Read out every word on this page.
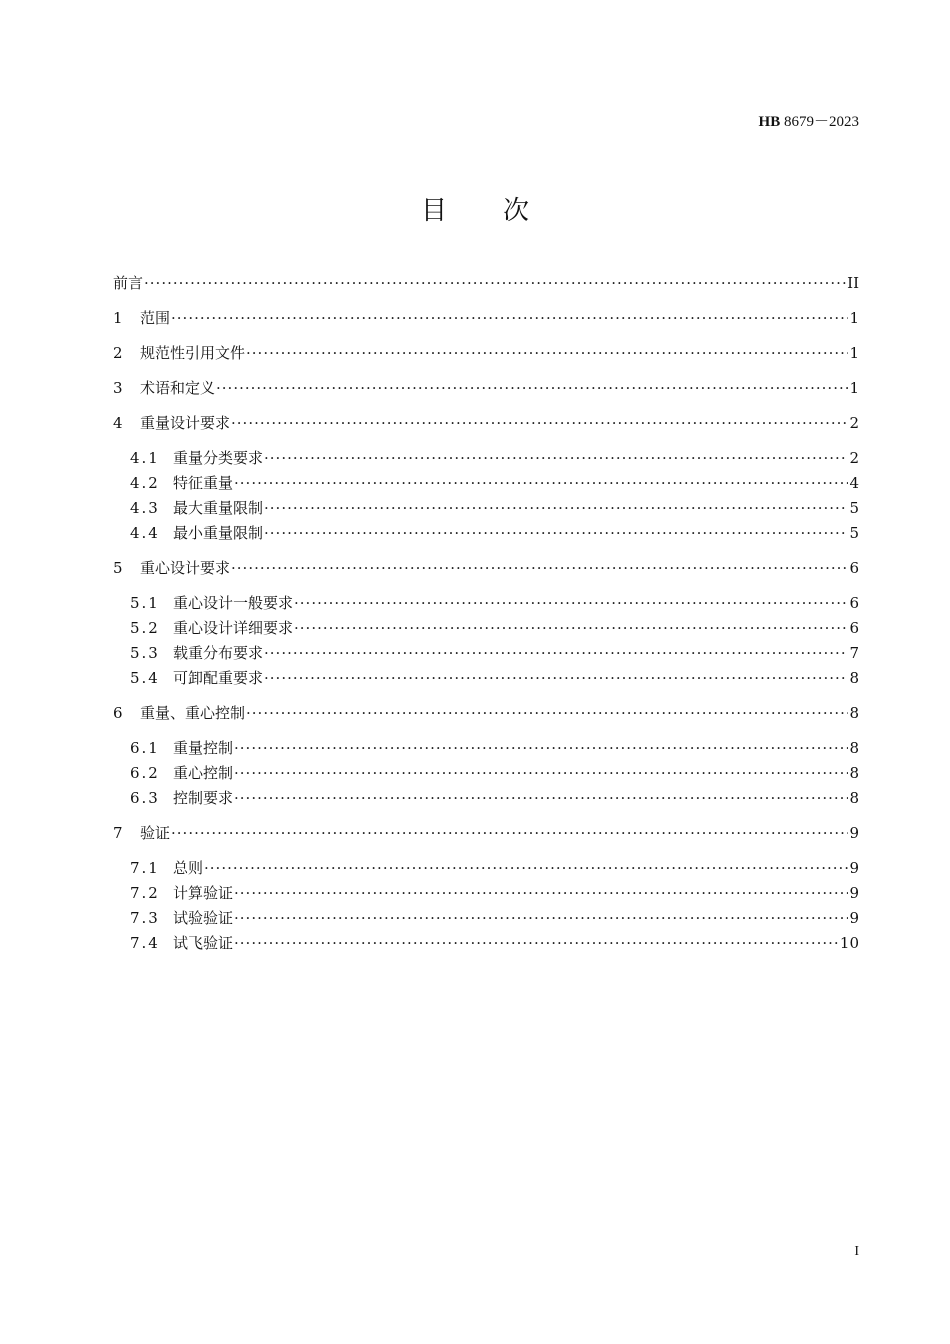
HB 8679－2023
目次
前言 ·····	II
1	范围 ·····	1
2	规范性引用文件 ·····	1
3	术语和定义 ·····	1
4	重量设计要求 ·····	2
4.1 重量分类要求 ·····	2
4.2 特征重量 ·····	4
4.3 最大重量限制 ·····	5
4.4 最小重量限制 ·····	5
5	重心设计要求 ·····	6
5.1 重心设计一般要求 ·····	6
5.2 重心设计详细要求 ·····	6
5.3 载重分布要求 ·····	7
5.4 可卸配重要求 ·····	8
6	重量、重心控制 ·····	8
6.1 重量控制 ·····	8
6.2 重心控制 ·····	8
6.3 控制要求 ·····	8
7	验证 ·····	9
7.1 总则 ·····	9
7.2 计算验证 ·····	9
7.3 试验验证 ·····	9
7.4 试飞验证 ·····	10
I
